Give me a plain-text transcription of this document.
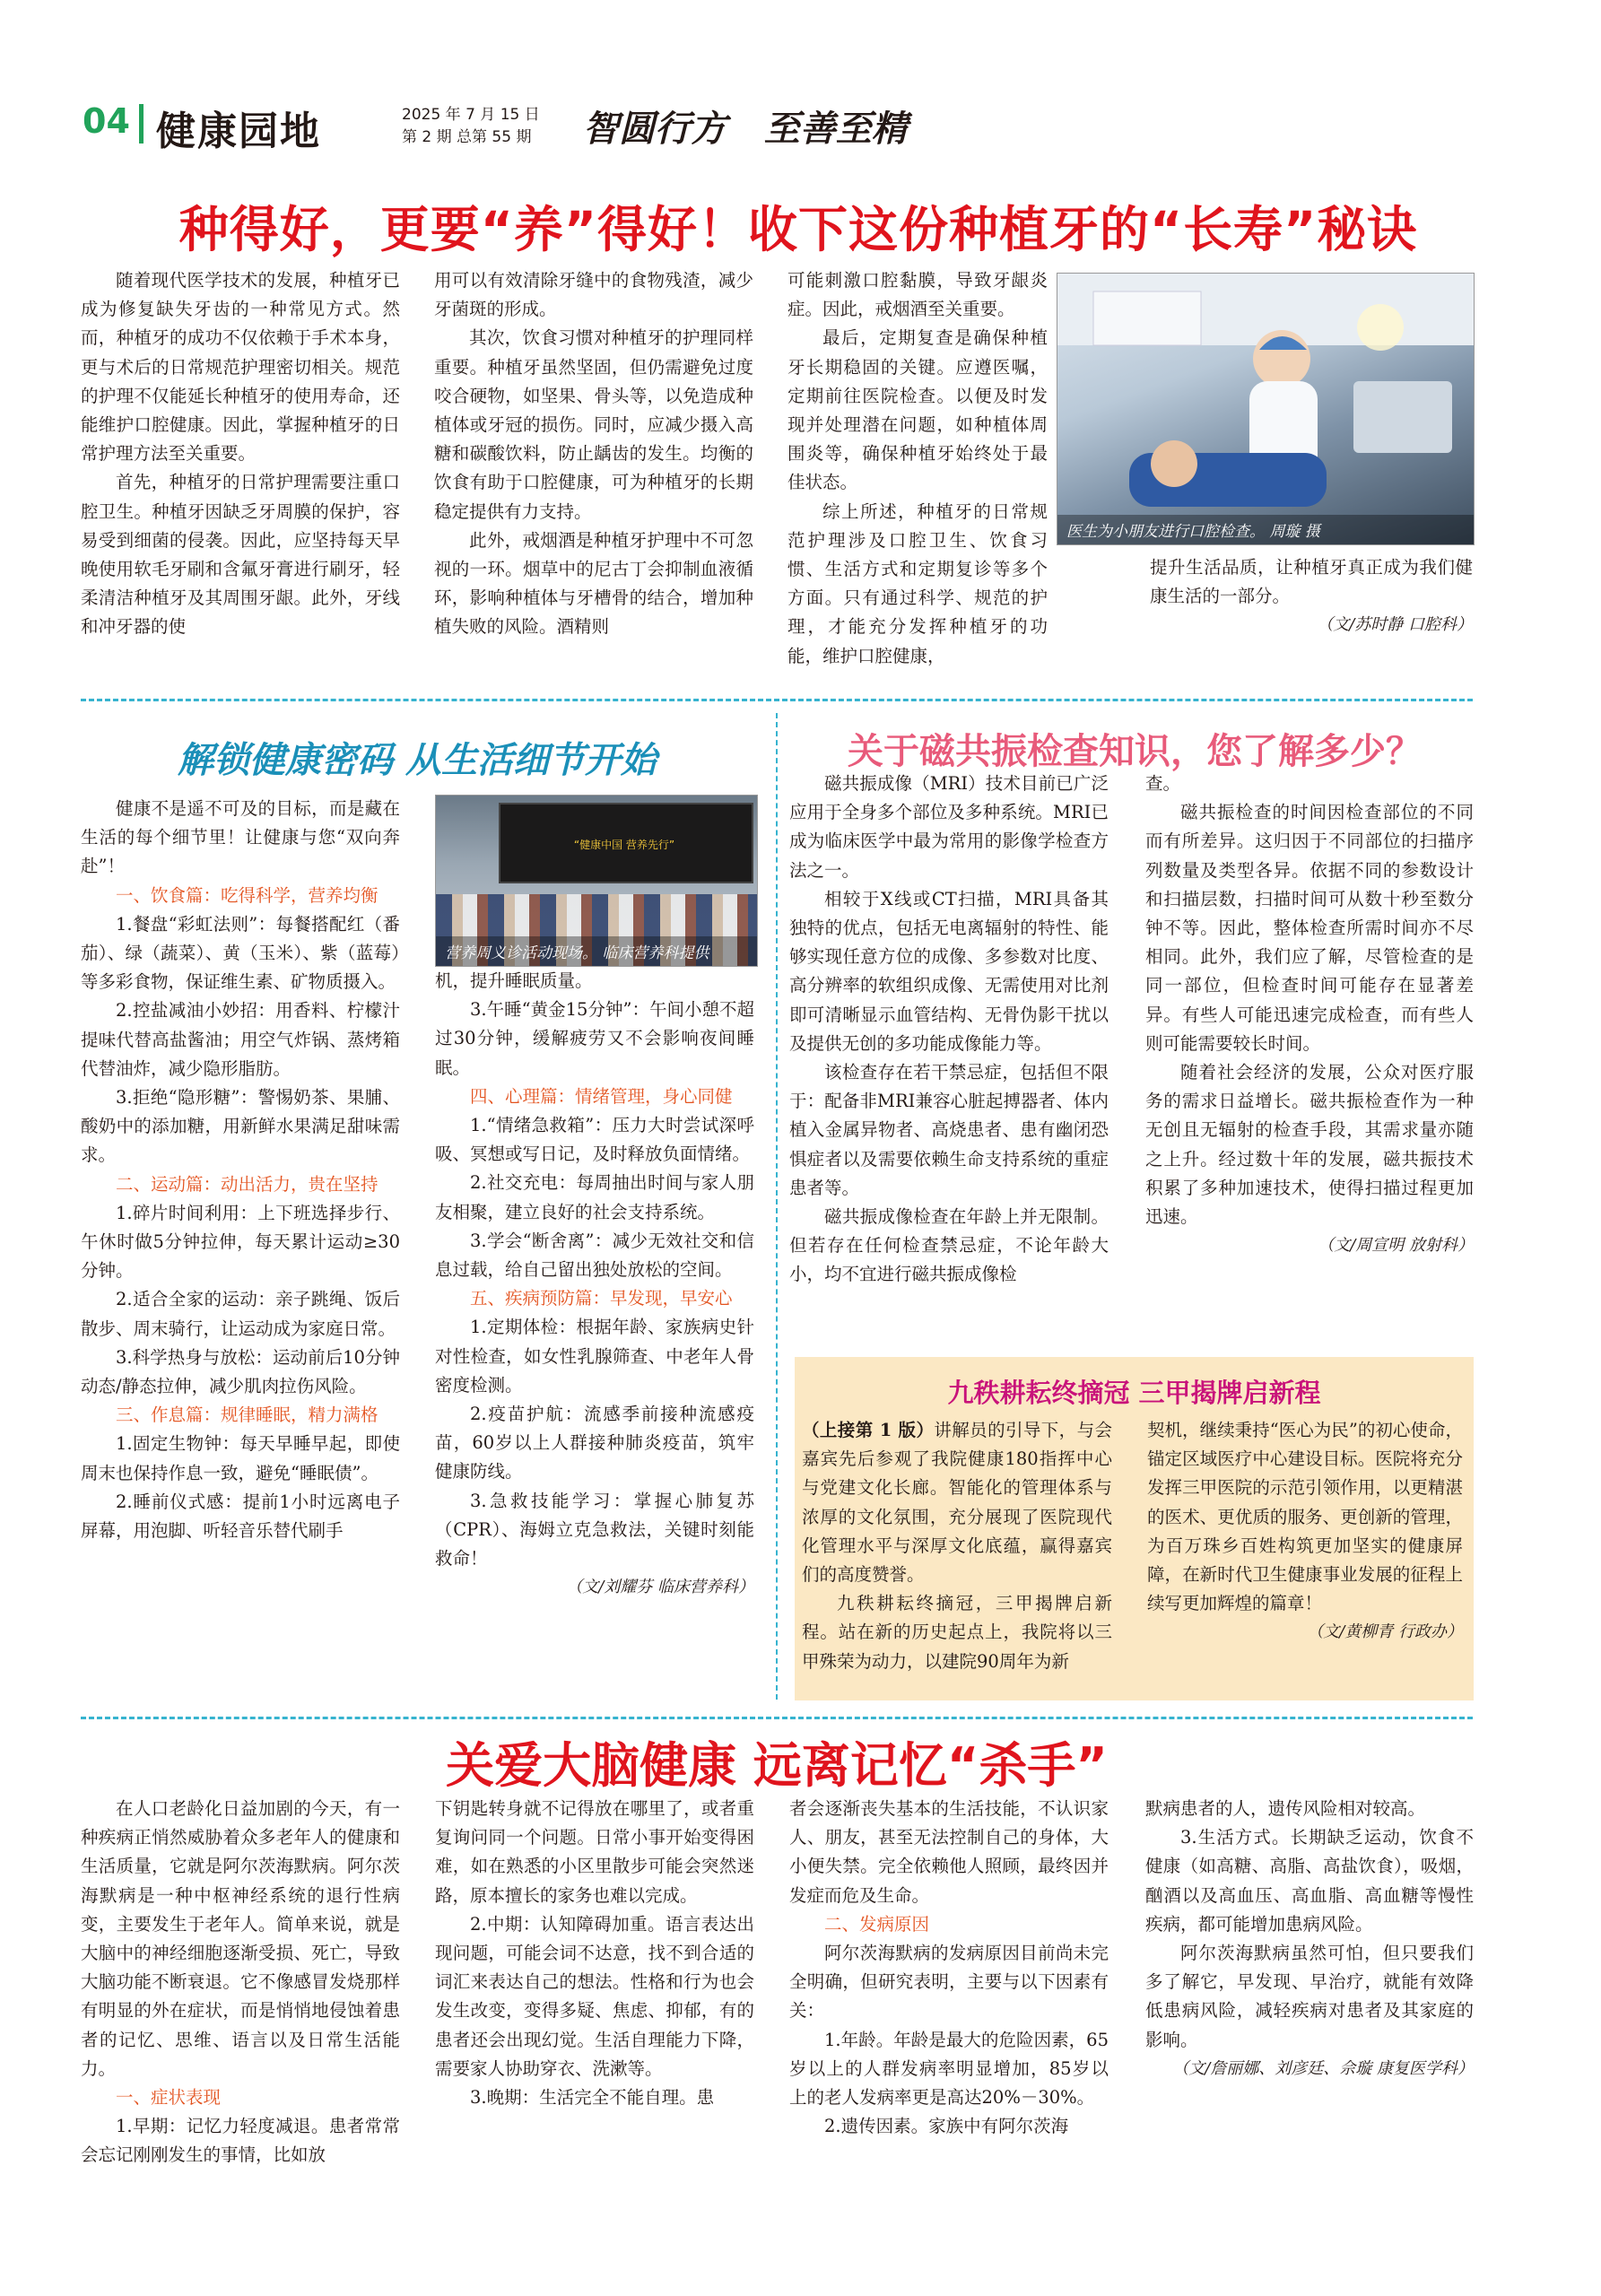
04 健康园地	2025 年 7 月 15 日
第 2 期 总第 55 期 智圆行方   至善至精
种得好，更要“养”得好！收下这份种植牙的“长寿”秘诀

随着现代医学技术的发展，种植牙已成为修复缺失牙齿的一种常见方式。然而，种植牙的成功不仅依赖于手术本身，更与术后的日常规范护理密切相关。规范的护理不仅能延长种植牙的使用寿命，还能维护口腔健康。因此，掌握种植牙的日常护理方法至关重要。

首先，种植牙的日常护理需要注重口腔卫生。种植牙因缺乏牙周膜的保护，容易受到细菌的侵袭。因此，应坚持每天早晚使用软毛牙刷和含氟牙膏进行刷牙，轻柔清洁种植牙及其周围牙龈。此外，牙线和冲牙器的使

用可以有效清除牙缝中的食物残渣，减少牙菌斑的形成。

其次，饮食习惯对种植牙的护理同样重要。种植牙虽然坚固，但仍需避免过度咬合硬物，如坚果、骨头等，以免造成种植体或牙冠的损伤。同时，应减少摄入高糖和碳酸饮料，防止龋齿的发生。均衡的饮食有助于口腔健康，可为种植牙的长期稳定提供有力支持。

此外，戒烟酒是种植牙护理中不可忽视的一环。烟草中的尼古丁会抑制血液循环，影响种植体与牙槽骨的结合，增加种植失败的风险。酒精则

可能刺激口腔黏膜，导致牙龈炎症。因此，戒烟酒至关重要。

最后，定期复查是确保种植牙长期稳固的关键。应遵医嘱，定期前往医院检查。以便及时发现并处理潜在问题，如种植体周围炎等，确保种植牙始终处于最佳状态。

综上所述，种植牙的日常规范护理涉及口腔卫生、饮食习惯、生活方式和定期复诊等多个方面。只有通过科学、规范的护理，才能充分发挥种植牙的功能，维护口腔健康，

医生为小朋友进行口腔检查。 周璇 摄

提升生活品质，让种植牙真正成为我们健康生活的一部分。

（文/苏时静 口腔科）

解锁健康密码 从生活细节开始

健康不是遥不可及的目标，而是藏在生活的每个细节里！让健康与您“双向奔赴”！

一、饮食篇：吃得科学，营养均衡

1.餐盘“彩虹法则”：每餐搭配红（番茄）、绿（蔬菜）、黄（玉米）、紫（蓝莓）等多彩食物，保证维生素、矿物质摄入。

2.控盐减油小妙招：用香料、柠檬汁提味代替高盐酱油；用空气炸锅、蒸烤箱代替油炸，减少隐形脂肪。

3.拒绝“隐形糖”：警惕奶茶、果脯、酸奶中的添加糖，用新鲜水果满足甜味需求。

二、运动篇：动出活力，贵在坚持

1.碎片时间利用：上下班选择步行、午休时做5分钟拉伸，每天累计运动≥30分钟。

2.适合全家的运动：亲子跳绳、饭后散步、周末骑行，让运动成为家庭日常。

3.科学热身与放松：运动前后10分钟动态/静态拉伸，减少肌肉拉伤风险。

三、作息篇：规律睡眠，精力满格

1.固定生物钟：每天早睡早起，即使周末也保持作息一致，避免“睡眠债”。

2.睡前仪式感：提前1小时远离电子屏幕，用泡脚、听轻音乐替代刷手

“健康中国 营养先行”
营养周义诊活动现场。 临床营养科提供

机，提升睡眠质量。

3.午睡“黄金15分钟”：午间小憩不超过30分钟，缓解疲劳又不会影响夜间睡眠。

四、心理篇：情绪管理，身心同健

1.“情绪急救箱”：压力大时尝试深呼吸、冥想或写日记，及时释放负面情绪。

2.社交充电：每周抽出时间与家人朋友相聚，建立良好的社会支持系统。

3.学会“断舍离”：减少无效社交和信息过载，给自己留出独处放松的空间。

五、疾病预防篇：早发现，早安心

1.定期体检：根据年龄、家族病史针对性检查，如女性乳腺筛查、中老年人骨密度检测。

2.疫苗护航：流感季前接种流感疫苗，60岁以上人群接种肺炎疫苗，筑牢健康防线。

3.急救技能学习：掌握心肺复苏（CPR）、海姆立克急救法，关键时刻能救命！

（文/刘耀芬 临床营养科）

关于磁共振检查知识，您了解多少？

磁共振成像（MRI）技术目前已广泛应用于全身多个部位及多种系统。MRI已成为临床医学中最为常用的影像学检查方法之一。

相较于X线或CT扫描，MRI具备其独特的优点，包括无电离辐射的特性、能够实现任意方位的成像、多参数对比度、高分辨率的软组织成像、无需使用对比剂即可清晰显示血管结构、无骨伪影干扰以及提供无创的多功能成像能力等。

该检查存在若干禁忌症，包括但不限于：配备非MRI兼容心脏起搏器者、体内植入金属异物者、高烧患者、患有幽闭恐惧症者以及需要依赖生命支持系统的重症患者等。

磁共振成像检查在年龄上并无限制。但若存在任何检查禁忌症，不论年龄大小，均不宜进行磁共振成像检

查。

磁共振检查的时间因检查部位的不同而有所差异。这归因于不同部位的扫描序列数量及类型各异。依据不同的参数设计和扫描层数，扫描时间可从数十秒至数分钟不等。因此，整体检查所需时间亦不尽相同。此外，我们应了解，尽管检查的是同一部位，但检查时间可能存在显著差异。有些人可能迅速完成检查，而有些人则可能需要较长时间。

随着社会经济的发展，公众对医疗服务的需求日益增长。磁共振检查作为一种无创且无辐射的检查手段，其需求量亦随之上升。经过数十年的发展，磁共振技术积累了多种加速技术，使得扫描过程更加迅速。

（文/周宣明 放射科）

九秩耕耘终摘冠 三甲揭牌启新程

（上接第 1 版）讲解员的引导下，与会嘉宾先后参观了我院健康180指挥中心与党建文化长廊。智能化的管理体系与浓厚的文化氛围，充分展现了医院现代化管理水平与深厚文化底蕴，赢得嘉宾们的高度赞誉。

九秩耕耘终摘冠，三甲揭牌启新程。站在新的历史起点上，我院将以三甲殊荣为动力，以建院90周年为新

契机，继续秉持“医心为民”的初心使命，锚定区域医疗中心建设目标。医院将充分发挥三甲医院的示范引领作用，以更精湛的医术、更优质的服务、更创新的管理，为百万珠乡百姓构筑更加坚实的健康屏障，在新时代卫生健康事业发展的征程上续写更加辉煌的篇章！

（文/黄柳青 行政办）

关爱大脑健康 远离记忆“杀手”

在人口老龄化日益加剧的今天，有一种疾病正悄然威胁着众多老年人的健康和生活质量，它就是阿尔茨海默病。阿尔茨海默病是一种中枢神经系统的退行性病变，主要发生于老年人。简单来说，就是大脑中的神经细胞逐渐受损、死亡，导致大脑功能不断衰退。它不像感冒发烧那样有明显的外在症状，而是悄悄地侵蚀着患者的记忆、思维、语言以及日常生活能力。

一、症状表现

1.早期：记忆力轻度减退。患者常常会忘记刚刚发生的事情，比如放

下钥匙转身就不记得放在哪里了，或者重复询问同一个问题。日常小事开始变得困难，如在熟悉的小区里散步可能会突然迷路，原本擅长的家务也难以完成。

2.中期：认知障碍加重。语言表达出现问题，可能会词不达意，找不到合适的词汇来表达自己的想法。性格和行为也会发生改变，变得多疑、焦虑、抑郁，有的患者还会出现幻觉。生活自理能力下降，需要家人协助穿衣、洗漱等。

3.晚期：生活完全不能自理。患

者会逐渐丧失基本的生活技能，不认识家人、朋友，甚至无法控制自己的身体，大小便失禁。完全依赖他人照顾，最终因并发症而危及生命。

二、发病原因

阿尔茨海默病的发病原因目前尚未完全明确，但研究表明，主要与以下因素有关：

1.年龄。年龄是最大的危险因素，65岁以上的人群发病率明显增加，85岁以上的老人发病率更是高达20%－30%。

2.遗传因素。家族中有阿尔茨海

默病患者的人，遗传风险相对较高。

3.生活方式。长期缺乏运动，饮食不健康（如高糖、高脂、高盐饮食），吸烟，酗酒以及高血压、高血脂、高血糖等慢性疾病，都可能增加患病风险。

阿尔茨海默病虽然可怕，但只要我们多了解它，早发现、早治疗，就能有效降低患病风险，减轻疾病对患者及其家庭的影响。

（文/詹丽娜、刘彦廷、佘璇 康复医学科）
